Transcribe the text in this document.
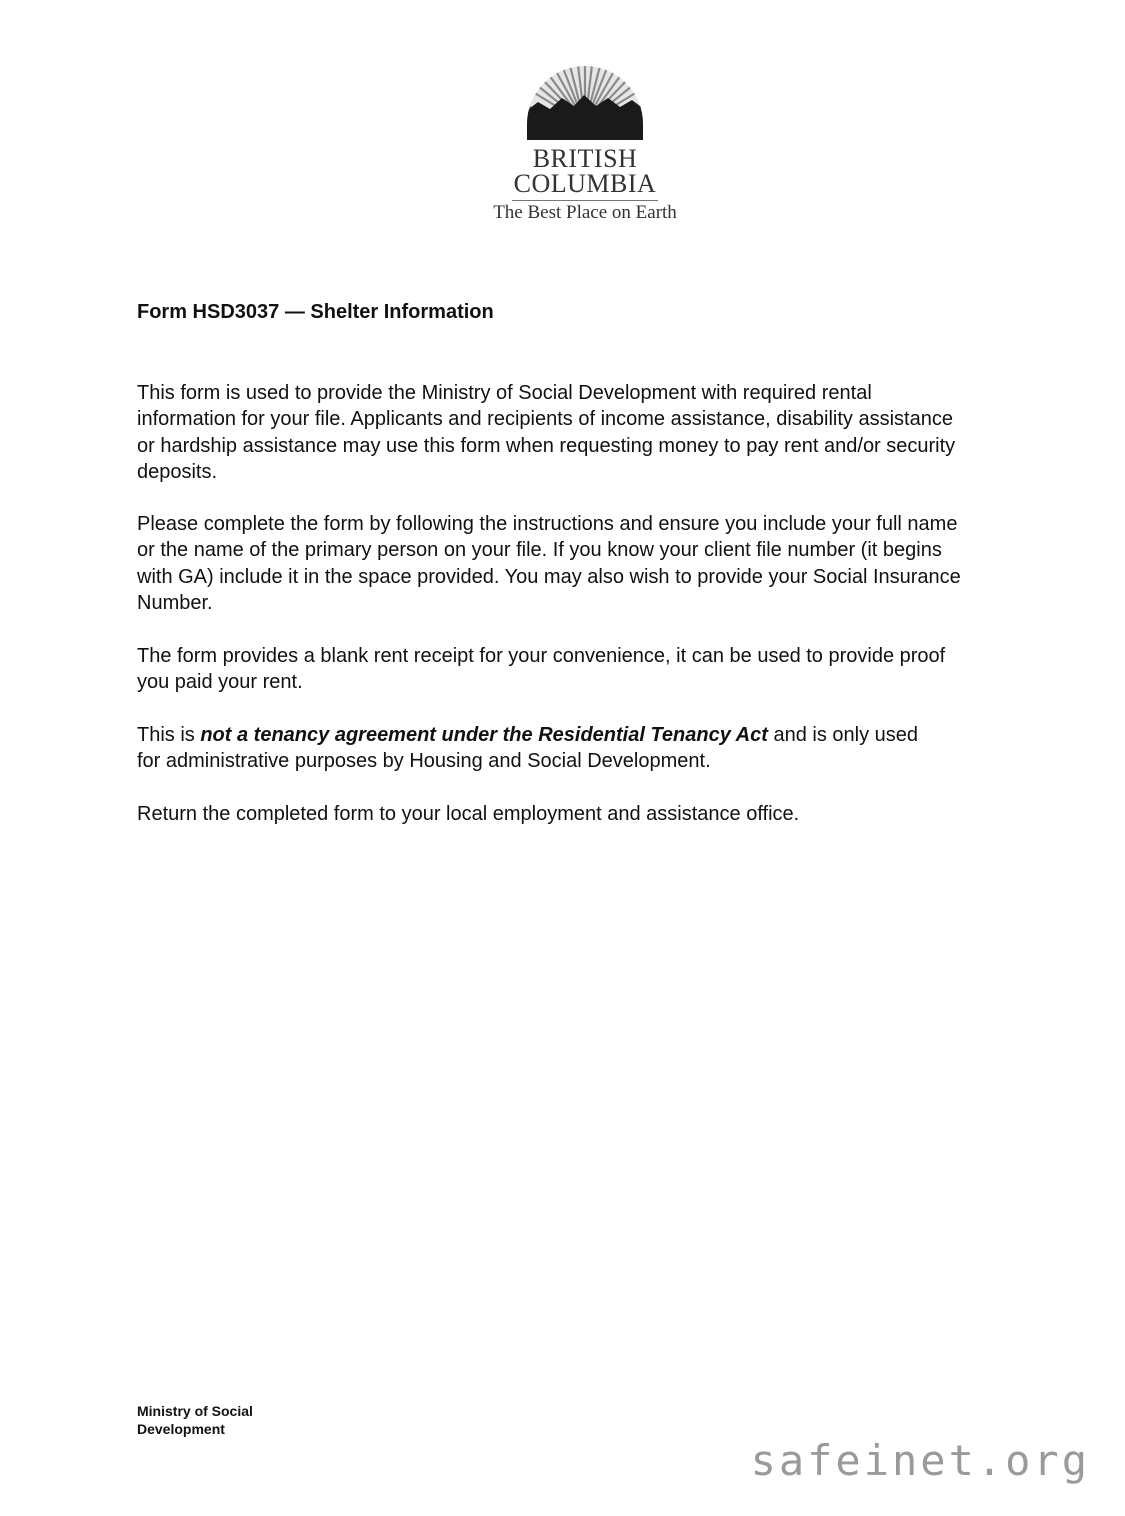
BRITISH
COLUMBIA
The Best Place on Earth
Form HSD3037 — Shelter Information

This form is used to provide the Ministry of Social Development with required rental
information for your file. Applicants and recipients of income assistance, disability assistance
or hardship assistance may use this form when requesting money to pay rent and/or security
deposits.

Please complete the form by following the instructions and ensure you include your full name
or the name of the primary person on your file. If you know your client file number (it begins
with GA) include it in the space provided. You may also wish to provide your Social Insurance
Number.

The form provides a blank rent receipt for your convenience, it can be used to provide proof
you paid your rent.

This is not a tenancy agreement under the Residential Tenancy Act and is only used
for administrative purposes by Housing and Social Development.

Return the completed form to your local employment and assistance office.

Ministry of Social
Development
safeinet.org
